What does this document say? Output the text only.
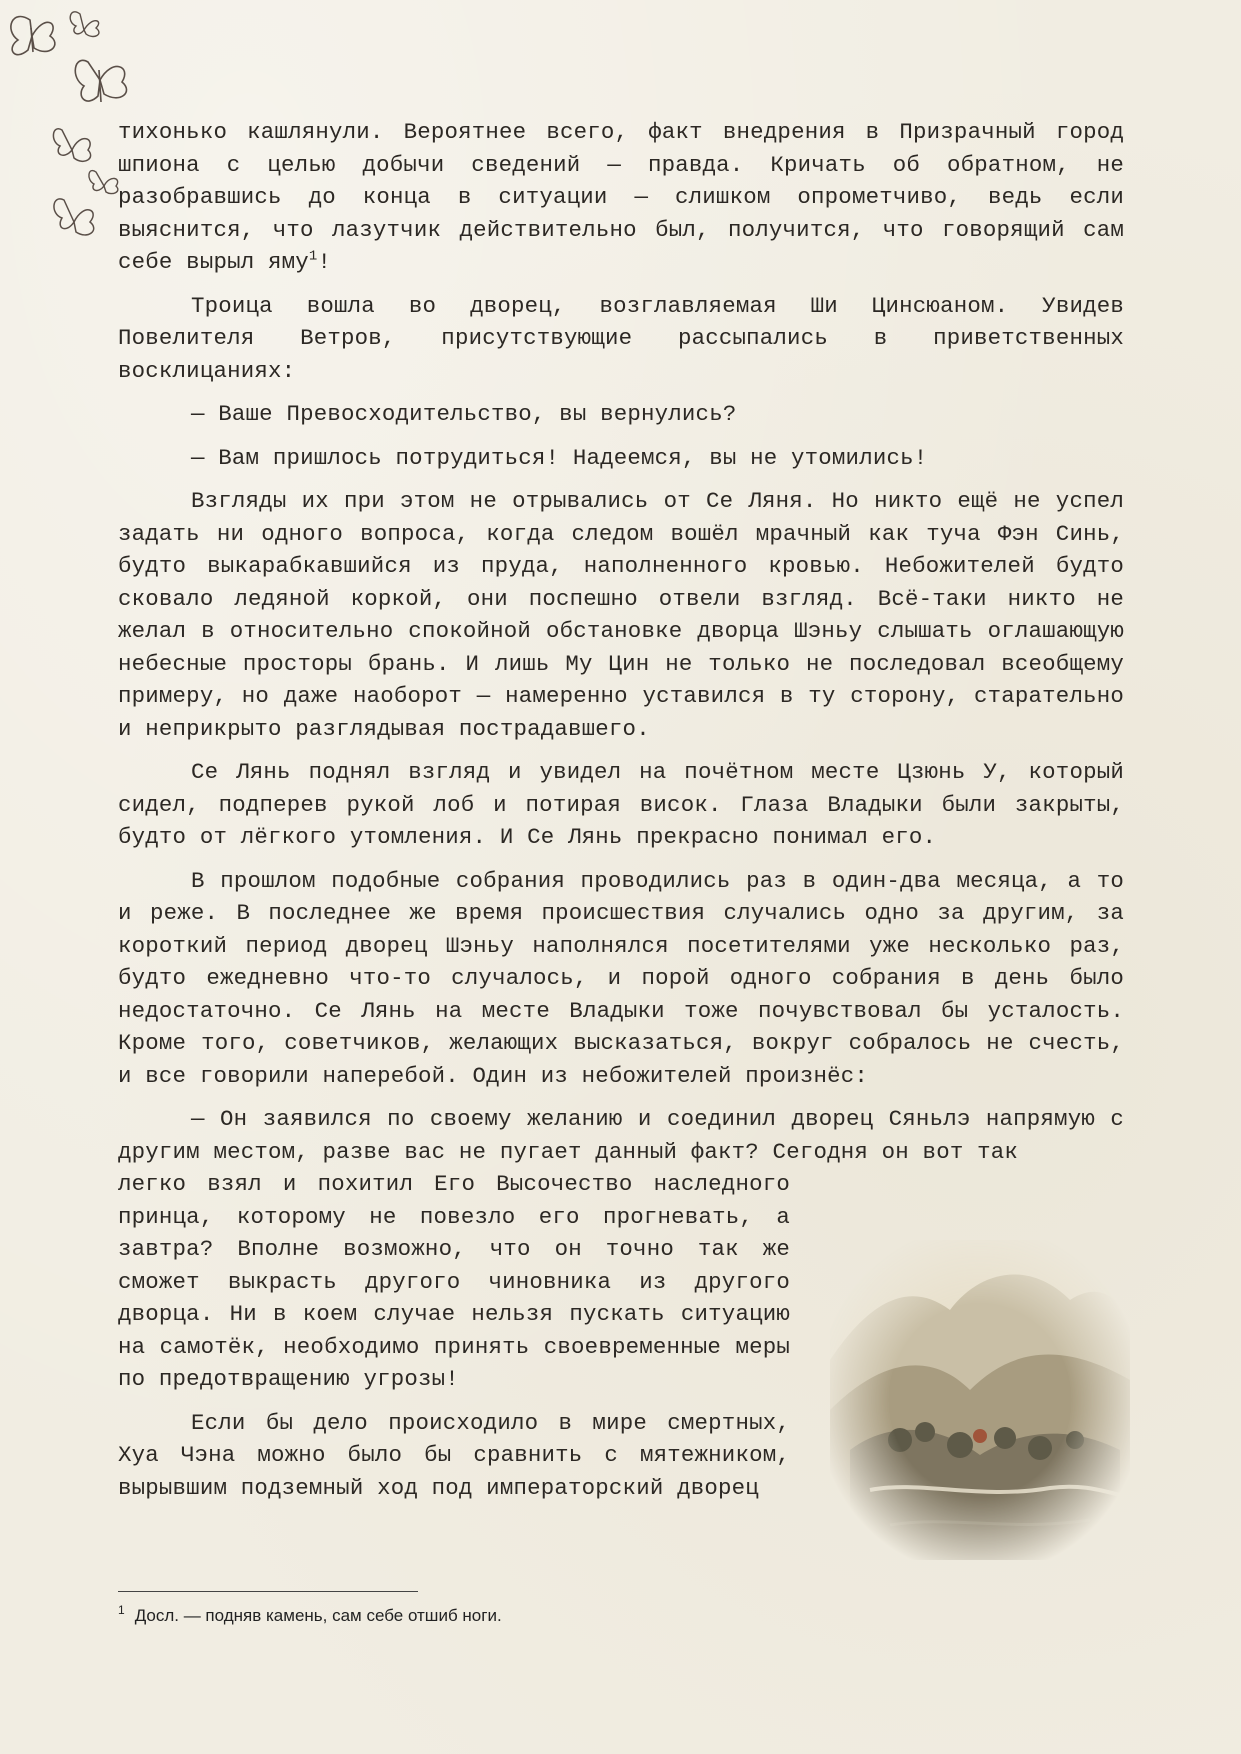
тихонько кашлянули. Вероятнее всего, факт внедрения в Призрачный город шпиона с целью добычи сведений — правда. Кричать об обратном, не разобравшись до конца в ситуации — слишком опрометчиво, ведь если выяснится, что лазутчик действительно был, получится, что говорящий сам себе вырыл яму$^1$!

Троица вошла во дворец, возглавляемая Ши Цинсюаном. Увидев Повелителя Ветров, присутствующие рассыпались в приветственных восклицаниях:

— Ваше Превосходительство, вы вернулись?

— Вам пришлось потрудиться! Надеемся, вы не утомились!

Взгляды их при этом не отрывались от Се Ляня. Но никто ещё не успел задать ни одного вопроса, когда следом вошёл мрачный как туча Фэн Синь, будто выкарабкавшийся из пруда, наполненного кровью. Небожителей будто сковало ледяной коркой, они поспешно отвели взгляд. Всё-таки никто не желал в относительно спокойной обстановке дворца Шэньу слышать оглашающую небесные просторы брань. И лишь Му Цин не только не последовал всеобщему примеру, но даже наоборот — намеренно уставился в ту сторону, старательно и неприкрыто разглядывая пострадавшего.

Се Лянь поднял взгляд и увидел на почётном месте Цзюнь У, который сидел, подперев рукой лоб и потирая висок. Глаза Владыки были закрыты, будто от лёгкого утомления. И Се Лянь прекрасно понимал его.

В прошлом подобные собрания проводились раз в один-два месяца, а то и реже. В последнее же время происшествия случались одно за другим, за короткий период дворец Шэньу наполнялся посетителями уже несколько раз, будто ежедневно что-то случалось, и порой одного собрания в день было недостаточно. Се Лянь на месте Владыки тоже почувствовал бы усталость. Кроме того, советчиков, желающих высказаться, вокруг собралось не счесть, и все говорили наперебой. Один из небожителей произнёс:

— Он заявился по своему желанию и соединил дворец Сяньлэ напрямую с другим местом, разве вас не пугает данный факт? Сегодня он вот так

легко взял и похитил Его Высочество наследного принца, которому не повезло его прогневать, а завтра? Вполне возможно, что он точно так же сможет выкрасть другого чиновника из другого дворца. Ни в коем случае нельзя пускать ситуацию на самотёк, необходимо принять своевременные меры по предотвращению угрозы!

Если бы дело происходило в мире смертных, Хуа Чэна можно было бы сравнить с мятежником, вырывшим подземный ход под императорский дворец

$^1$ Досл. — подняв камень, сам себе отшиб ноги.
